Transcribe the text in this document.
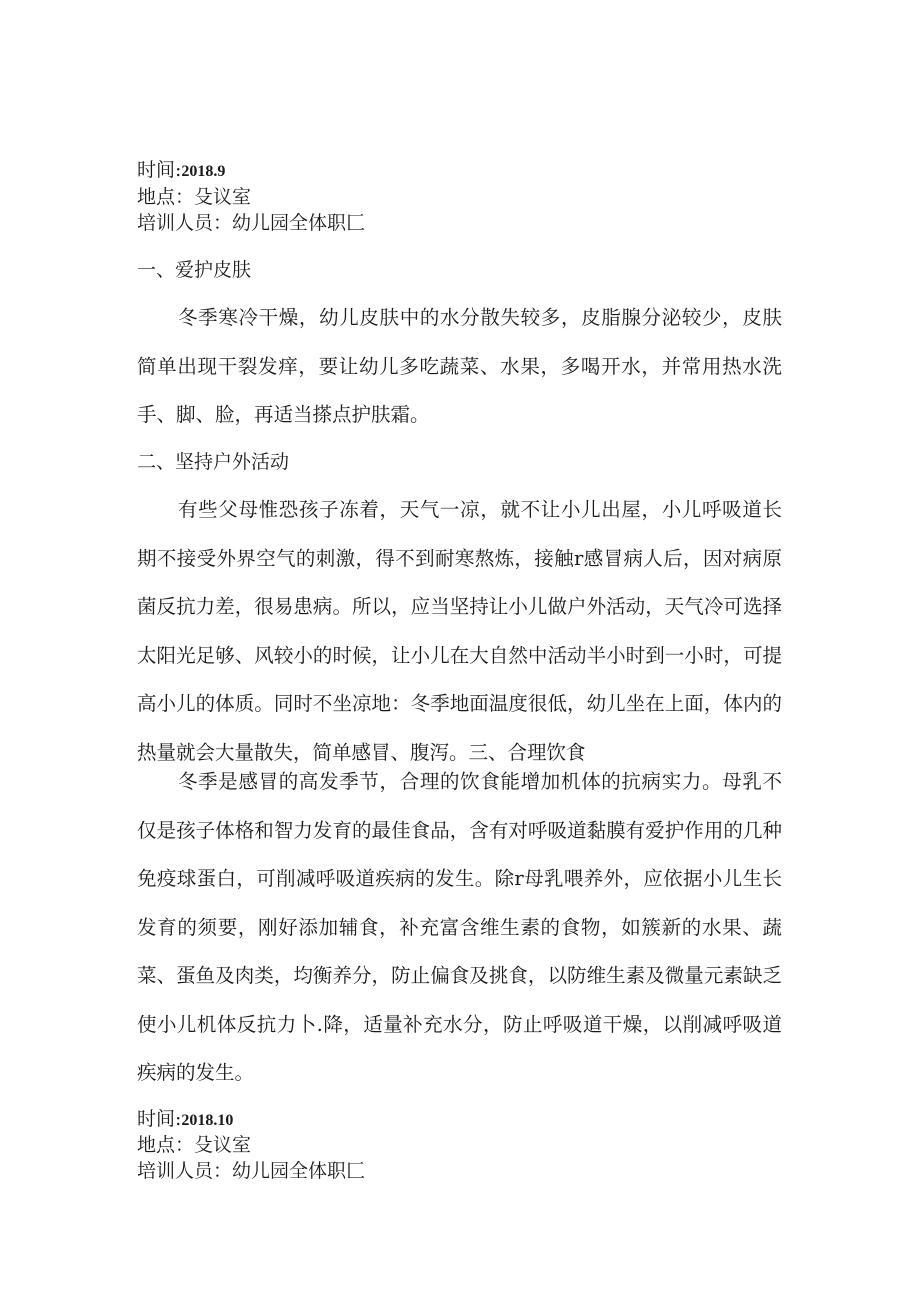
时间:2018.9
地点：殳议室
培训人员：幼儿园全体职匚
一、爱护皮肤

冬季寒冷干燥，幼儿皮肤中的水分散失较多，皮脂腺分泌较少，皮肤简单出现干裂发痒，要让幼儿多吃蔬菜、水果，多喝开水，并常用热水洗手、脚、脸，再适当搽点护肤霜。

二、坚持户外活动

有些父母惟恐孩子冻着，天气一凉，就不让小儿出屋，小儿呼吸道长期不接受外界空气的刺激，得不到耐寒熬炼，接触r感冒病人后，因对病原菌反抗力差，很易患病。所以，应当坚持让小儿做户外活动，天气冷可选择太阳光足够、风较小的时候，让小儿在大自然中活动半小时到一小时，可提高小儿的体质。同时不坐凉地：冬季地面温度很低，幼儿坐在上面，体内的热量就会大量散失，简单感冒、腹泻。三、合理饮食

冬季是感冒的高发季节，合理的饮食能增加机体的抗病实力。母乳不仅是孩子体格和智力发育的最佳食品，含有对呼吸道黏膜有爱护作用的几种免疫球蛋白，可削减呼吸道疾病的发生。除r母乳喂养外，应依据小儿生长发育的须要，刚好添加辅食，补充富含维生素的食物，如簇新的水果、蔬菜、蛋鱼及肉类，均衡养分，防止偏食及挑食，以防维生素及微量元素缺乏使小儿机体反抗力卜.降，适量补充水分，防止呼吸道干燥，以削减呼吸道疾病的发生。

时间:2018.10
地点：殳议室
培训人员：幼儿园全体职匚
